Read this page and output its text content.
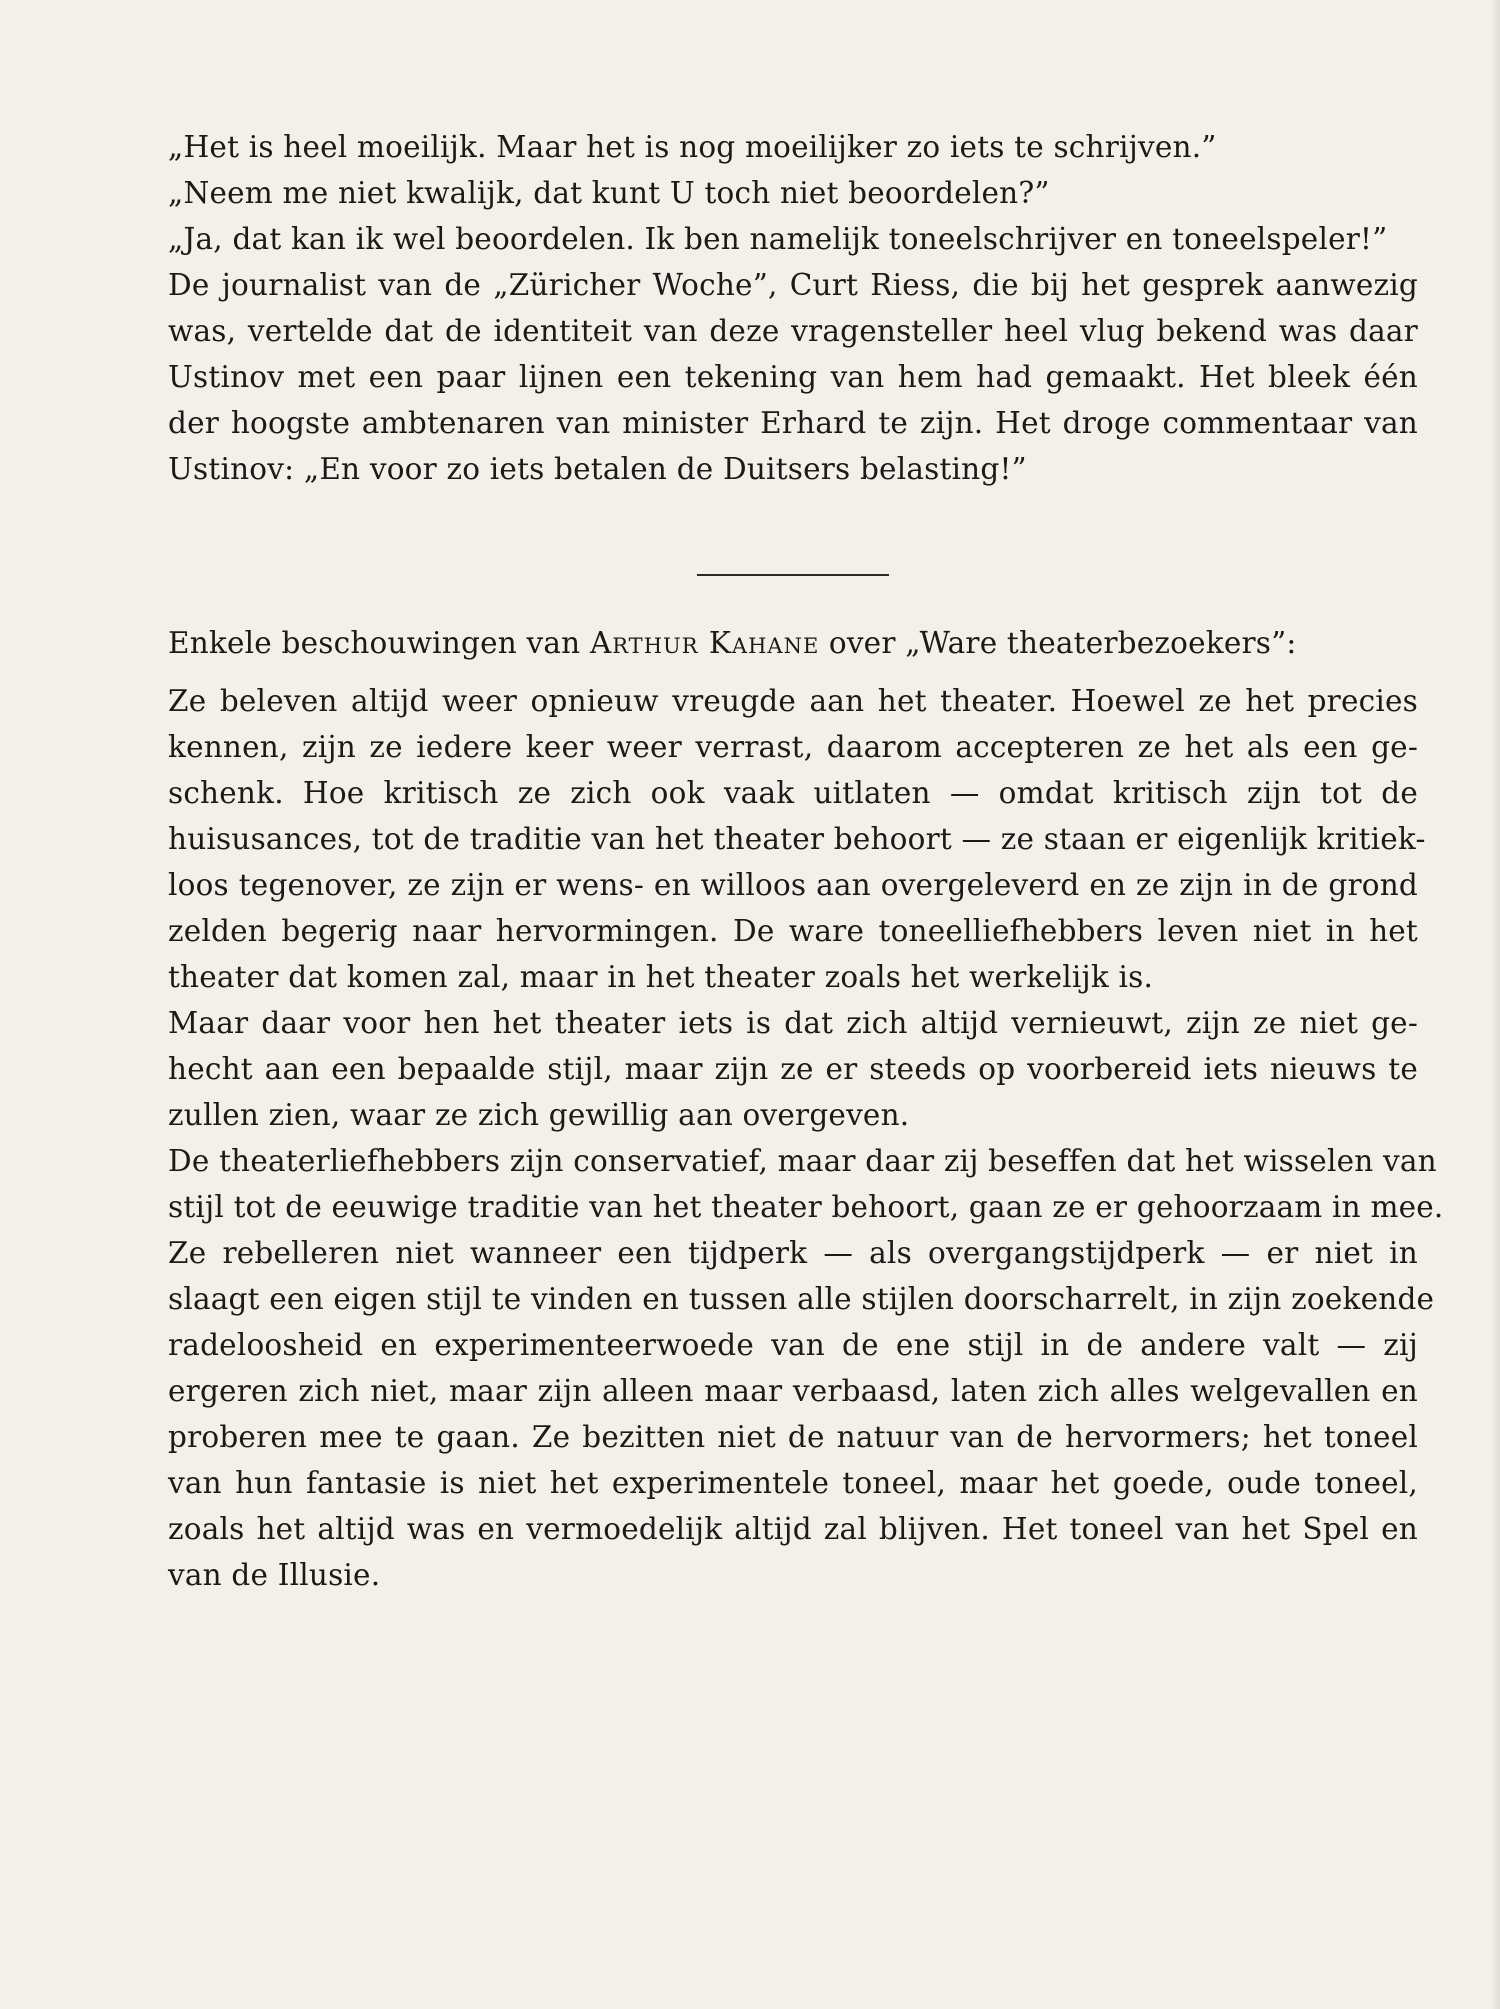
„Het is heel moeilijk. Maar het is nog moeilijker zo iets te schrijven.”
„Neem me niet kwalijk, dat kunt U toch niet beoordelen?”
„Ja, dat kan ik wel beoordelen. Ik ben namelijk toneelschrijver en toneelspeler!”
De journalist van de „Züricher Woche”, Curt Riess, die bij het gesprek aanwezig
was, vertelde dat de identiteit van deze vragensteller heel vlug bekend was daar
Ustinov met een paar lijnen een tekening van hem had gemaakt. Het bleek één
der hoogste ambtenaren van minister Erhard te zijn. Het droge commentaar van
Ustinov: „En voor zo iets betalen de Duitsers belasting!”
Enkele beschouwingen van Arthur Kahane over „Ware theaterbezoekers”:
Ze beleven altijd weer opnieuw vreugde aan het theater. Hoewel ze het precies
kennen, zijn ze iedere keer weer verrast, daarom accepteren ze het als een ge-
schenk. Hoe kritisch ze zich ook vaak uitlaten — omdat kritisch zijn tot de
huisusances, tot de traditie van het theater behoort — ze staan er eigenlijk kritiek-
loos tegenover, ze zijn er wens- en willoos aan overgeleverd en ze zijn in de grond
zelden begerig naar hervormingen. De ware toneelliefhebbers leven niet in het
theater dat komen zal, maar in het theater zoals het werkelijk is.
Maar daar voor hen het theater iets is dat zich altijd vernieuwt, zijn ze niet ge-
hecht aan een bepaalde stijl, maar zijn ze er steeds op voorbereid iets nieuws te
zullen zien, waar ze zich gewillig aan overgeven.
De theaterliefhebbers zijn conservatief, maar daar zij beseffen dat het wisselen van
stijl tot de eeuwige traditie van het theater behoort, gaan ze er gehoorzaam in mee.
Ze rebelleren niet wanneer een tijdperk — als overgangstijdperk — er niet in
slaagt een eigen stijl te vinden en tussen alle stijlen doorscharrelt, in zijn zoekende
radeloosheid en experimenteerwoede van de ene stijl in de andere valt — zij
ergeren zich niet, maar zijn alleen maar verbaasd, laten zich alles welgevallen en
proberen mee te gaan. Ze bezitten niet de natuur van de hervormers; het toneel
van hun fantasie is niet het experimentele toneel, maar het goede, oude toneel,
zoals het altijd was en vermoedelijk altijd zal blijven. Het toneel van het Spel en
van de Illusie.
